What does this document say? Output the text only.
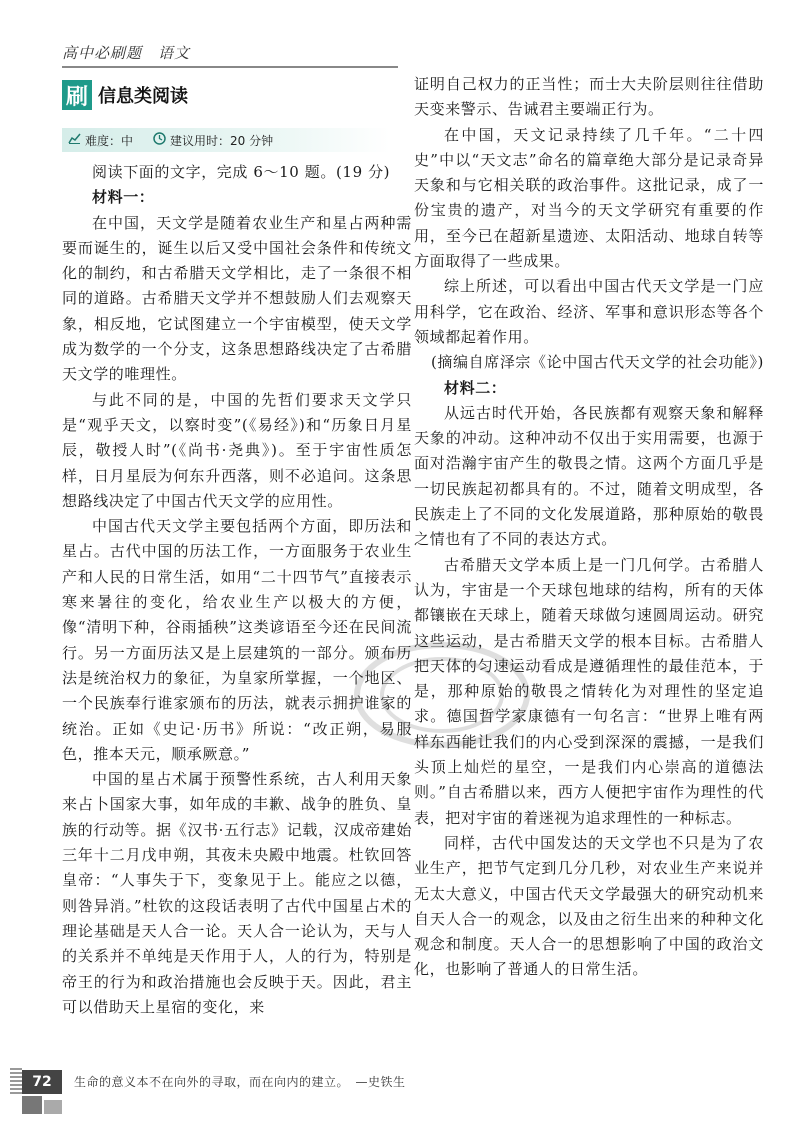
高中必刷题　语文
刷 信息类阅读
难度：中	建议用时：20 分钟

阅读下面的文字，完成 6～10 题。(19 分)

材料一：

在中国，天文学是随着农业生产和星占两种需要而诞生的，诞生以后又受中国社会条件和传统文化的制约，和古希腊天文学相比，走了一条很不相同的道路。古希腊天文学并不想鼓励人们去观察天象，相反地，它试图建立一个宇宙模型，使天文学成为数学的一个分支，这条思想路线决定了古希腊天文学的唯理性。

与此不同的是，中国的先哲们要求天文学只是“观乎天文，以察时变”(《易经》)和“历象日月星辰，敬授人时”(《尚书·尧典》)。至于宇宙性质怎样，日月星辰为何东升西落，则不必追问。这条思想路线决定了中国古代天文学的应用性。

中国古代天文学主要包括两个方面，即历法和星占。古代中国的历法工作，一方面服务于农业生产和人民的日常生活，如用“二十四节气”直接表示寒来暑往的变化，给农业生产以极大的方便，像“清明下种，谷雨插秧”这类谚语至今还在民间流行。另一方面历法又是上层建筑的一部分。颁布历法是统治权力的象征，为皇家所掌握，一个地区、一个民族奉行谁家颁布的历法，就表示拥护谁家的统治。正如《史记·历书》所说：“改正朔，易服色，推本天元，顺承厥意。”

中国的星占术属于预警性系统，古人利用天象来占卜国家大事，如年成的丰歉、战争的胜负、皇族的行动等。据《汉书·五行志》记载，汉成帝建始三年十二月戊申朔，其夜未央殿中地震。杜钦回答皇帝：“人事失于下，变象见于上。能应之以德，则咎异消。”杜钦的这段话表明了古代中国星占术的理论基础是天人合一论。天人合一论认为，天与人的关系并不单纯是天作用于人，人的行为，特别是帝王的行为和政治措施也会反映于天。因此，君主可以借助天上星宿的变化，来

证明自己权力的正当性；而士大夫阶层则往往借助天变来警示、告诫君主要端正行为。

在中国，天文记录持续了几千年。“二十四史”中以“天文志”命名的篇章绝大部分是记录奇异天象和与它相关联的政治事件。这批记录，成了一份宝贵的遗产，对当今的天文学研究有重要的作用，至今已在超新星遗迹、太阳活动、地球自转等方面取得了一些成果。

综上所述，可以看出中国古代天文学是一门应用科学，它在政治、经济、军事和意识形态等各个领域都起着作用。

(摘编自席泽宗《论中国古代天文学的社会功能》)

材料二：

从远古时代开始，各民族都有观察天象和解释天象的冲动。这种冲动不仅出于实用需要，也源于面对浩瀚宇宙产生的敬畏之情。这两个方面几乎是一切民族起初都具有的。不过，随着文明成型，各民族走上了不同的文化发展道路，那种原始的敬畏之情也有了不同的表达方式。

古希腊天文学本质上是一门几何学。古希腊人认为，宇宙是一个天球包地球的结构，所有的天体都镶嵌在天球上，随着天球做匀速圆周运动。研究这些运动，是古希腊天文学的根本目标。古希腊人把天体的匀速运动看成是遵循理性的最佳范本，于是，那种原始的敬畏之情转化为对理性的坚定追求。德国哲学家康德有一句名言：“世界上唯有两样东西能让我们的内心受到深深的震撼，一是我们头顶上灿烂的星空，一是我们内心崇高的道德法则。”自古希腊以来，西方人便把宇宙作为理性的代表，把对宇宙的着迷视为追求理性的一种标志。

同样，古代中国发达的天文学也不只是为了农业生产，把节气定到几分几秒，对农业生产来说并无太大意义，中国古代天文学最强大的研究动机来自天人合一的观念，以及由之衍生出来的种种文化观念和制度。天人合一的思想影响了中国的政治文化，也影响了普通人的日常生活。

72	生命的意义本不在向外的寻取，而在向内的建立。　—史铁生
